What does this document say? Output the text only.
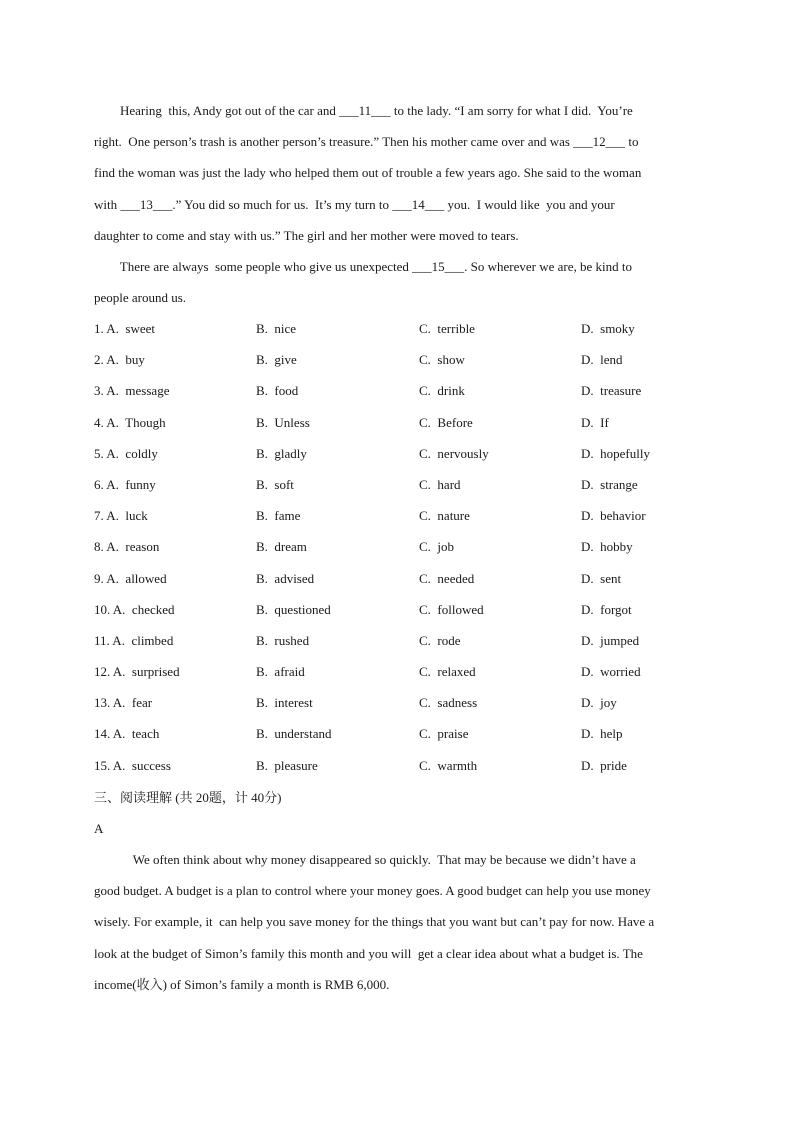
Hearing  this, Andy got out of the car and ___11___ to the lady. “I am sorry for what I did.  You’re
right.  One person’s trash is another person’s treasure.” Then his mother came over and was ___12___ to
find the woman was just the lady who helped them out of trouble a few years ago. She said to the woman
with ___13___.” You did so much for us.  It’s my turn to ___14___ you.  I would like  you and your
daughter to come and stay with us.” The girl and her mother were moved to tears.
There are always  some people who give us unexpected ___15___. So wherever we are, be kind to
people around us.
1. A.  sweet	B.  nice	C.  terrible	D.  smoky
2. A.  buy	B.  give	C.  show	D.  lend
3. A.  message	B.  food	C.  drink	D.  treasure
4. A.  Though	B.  Unless	C.  Before	D.  If
5. A.  coldly	B.  gladly	C.  nervously	D.  hopefully
6. A.  funny	B.  soft	C.  hard	D.  strange
7. A.  luck	B.  fame	C.  nature	D.  behavior
8. A.  reason	B.  dream	C.  job	D.  hobby
9. A.  allowed	B.  advised	C.  needed	D.  sent
10. A.  checked	B.  questioned	C.  followed	D.  forgot
11. A.  climbed	B.  rushed	C.  rode	D.  jumped
12. A.  surprised	B.  afraid	C.  relaxed	D.  worried
13. A.  fear	B.  interest	C.  sadness	D.  joy
14. A.  teach	B.  understand	C.  praise	D.  help
15. A.  success	B.  pleasure	C.  warmth	D.  pride
三、阅读理解 (共 20题，计 40分)
A
We often think about why money disappeared so quickly.  That may be because we didn’t have a
good budget. A budget is a plan to control where your money goes. A good budget can help you use money
wisely. For example, it  can help you save money for the things that you want but can’t pay for now. Have a
look at the budget of Simon’s family this month and you will  get a clear idea about what a budget is. The
income(收入) of Simon’s family a month is RMB 6,000.
